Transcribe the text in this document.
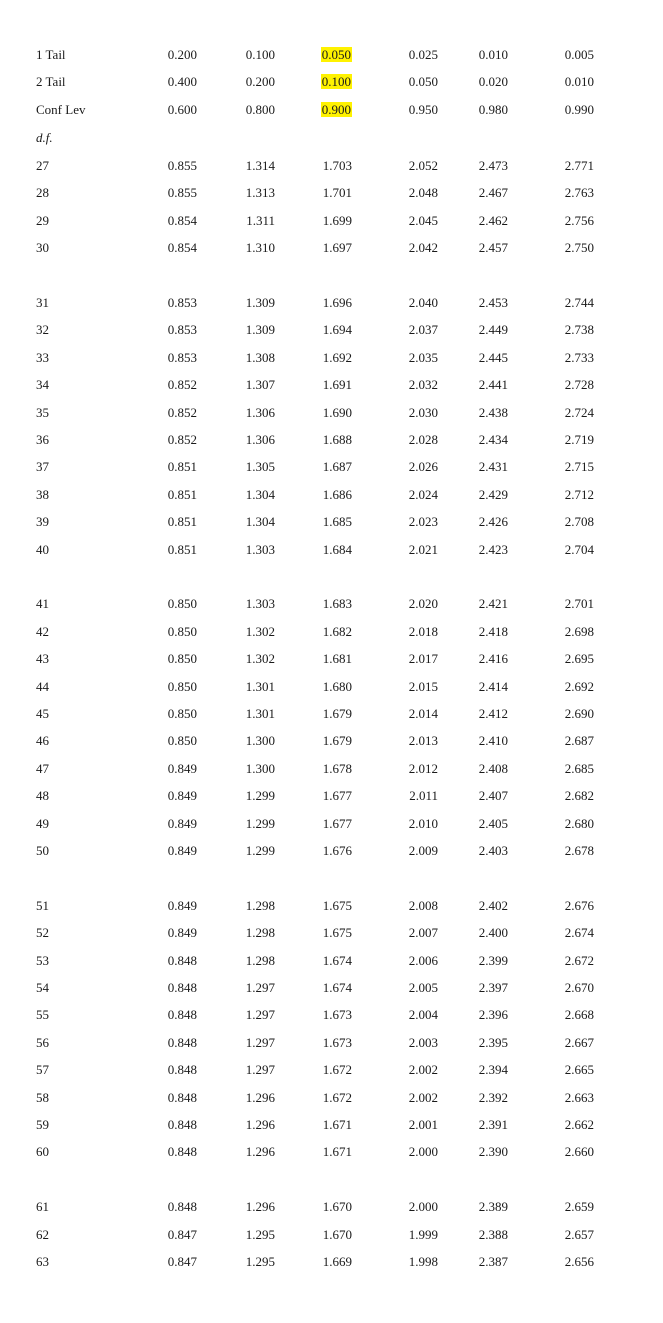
1 Tail	0.200	0.100	0.050	0.025	0.010	0.005
2 Tail	0.400	0.200	0.100	0.050	0.020	0.010
Conf Lev	0.600	0.800	0.900	0.950	0.980	0.990
d.f.
27	0.855	1.314	1.703	2.052	2.473	2.771
28	0.855	1.313	1.701	2.048	2.467	2.763
29	0.854	1.311	1.699	2.045	2.462	2.756
30	0.854	1.310	1.697	2.042	2.457	2.750
31	0.853	1.309	1.696	2.040	2.453	2.744
32	0.853	1.309	1.694	2.037	2.449	2.738
33	0.853	1.308	1.692	2.035	2.445	2.733
34	0.852	1.307	1.691	2.032	2.441	2.728
35	0.852	1.306	1.690	2.030	2.438	2.724
36	0.852	1.306	1.688	2.028	2.434	2.719
37	0.851	1.305	1.687	2.026	2.431	2.715
38	0.851	1.304	1.686	2.024	2.429	2.712
39	0.851	1.304	1.685	2.023	2.426	2.708
40	0.851	1.303	1.684	2.021	2.423	2.704
41	0.850	1.303	1.683	2.020	2.421	2.701
42	0.850	1.302	1.682	2.018	2.418	2.698
43	0.850	1.302	1.681	2.017	2.416	2.695
44	0.850	1.301	1.680	2.015	2.414	2.692
45	0.850	1.301	1.679	2.014	2.412	2.690
46	0.850	1.300	1.679	2.013	2.410	2.687
47	0.849	1.300	1.678	2.012	2.408	2.685
48	0.849	1.299	1.677	2.011	2.407	2.682
49	0.849	1.299	1.677	2.010	2.405	2.680
50	0.849	1.299	1.676	2.009	2.403	2.678
51	0.849	1.298	1.675	2.008	2.402	2.676
52	0.849	1.298	1.675	2.007	2.400	2.674
53	0.848	1.298	1.674	2.006	2.399	2.672
54	0.848	1.297	1.674	2.005	2.397	2.670
55	0.848	1.297	1.673	2.004	2.396	2.668
56	0.848	1.297	1.673	2.003	2.395	2.667
57	0.848	1.297	1.672	2.002	2.394	2.665
58	0.848	1.296	1.672	2.002	2.392	2.663
59	0.848	1.296	1.671	2.001	2.391	2.662
60	0.848	1.296	1.671	2.000	2.390	2.660
61	0.848	1.296	1.670	2.000	2.389	2.659
62	0.847	1.295	1.670	1.999	2.388	2.657
63	0.847	1.295	1.669	1.998	2.387	2.656
